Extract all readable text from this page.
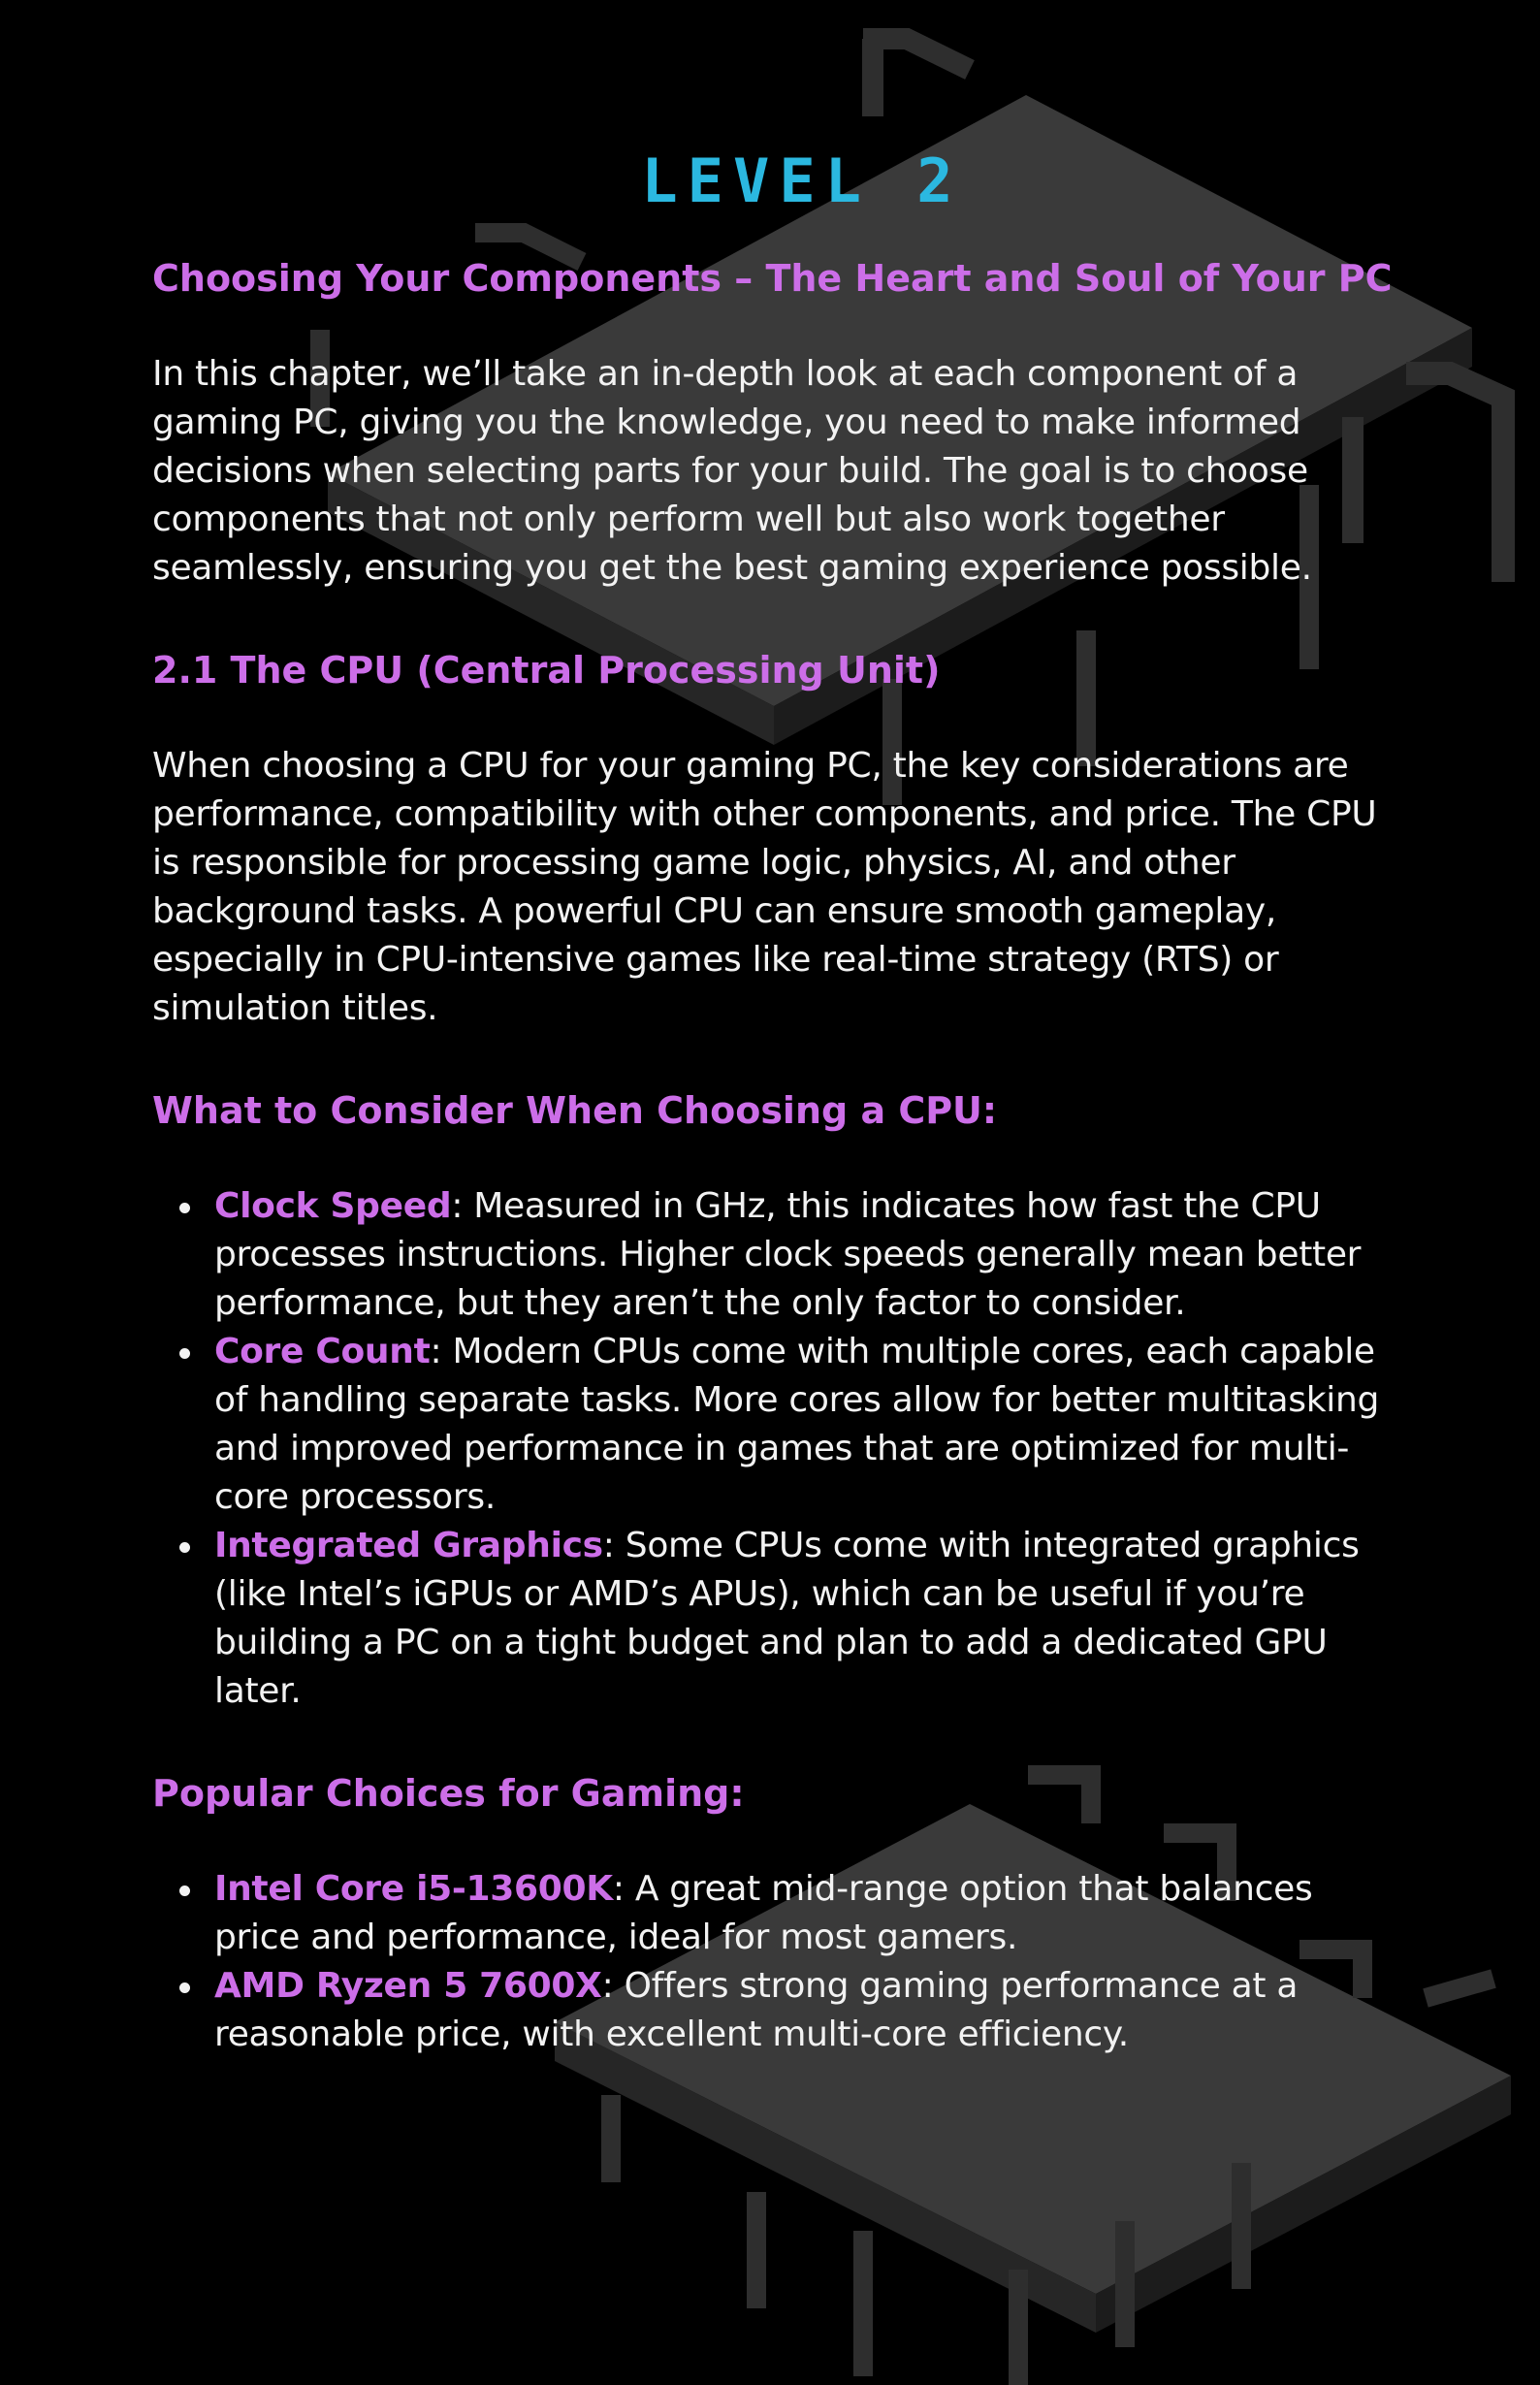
LEVEL 2
Choosing Your Components – The Heart and Soul of Your PC

In this chapter, we’ll take an in-depth look at each component of a gaming PC, giving you the knowledge, you need to make informed decisions when selecting parts for your build. The goal is to choose components that not only perform well but also work together seamlessly, ensuring you get the best gaming experience possible.

2.1 The CPU (Central Processing Unit)

When choosing a CPU for your gaming PC, the key considerations are performance, compatibility with other components, and price. The CPU is responsible for processing game logic, physics, AI, and other background tasks. A powerful CPU can ensure smooth gameplay, especially in CPU-intensive games like real-time strategy (RTS) or simulation titles.

What to Consider When Choosing a CPU:
Clock Speed: Measured in GHz, this indicates how fast the CPU processes instructions. Higher clock speeds generally mean better performance, but they aren’t the only factor to consider.
Core Count: Modern CPUs come with multiple cores, each capable of handling separate tasks. More cores allow for better multitasking and improved performance in games that are optimized for multi-core processors.
Integrated Graphics: Some CPUs come with integrated graphics (like Intel’s iGPUs or AMD’s APUs), which can be useful if you’re building a PC on a tight budget and plan to add a dedicated GPU later.
Popular Choices for Gaming:
Intel Core i5-13600K: A great mid-range option that balances price and performance, ideal for most gamers.
AMD Ryzen 5 7600X: Offers strong gaming performance at a reasonable price, with excellent multi-core efficiency.
